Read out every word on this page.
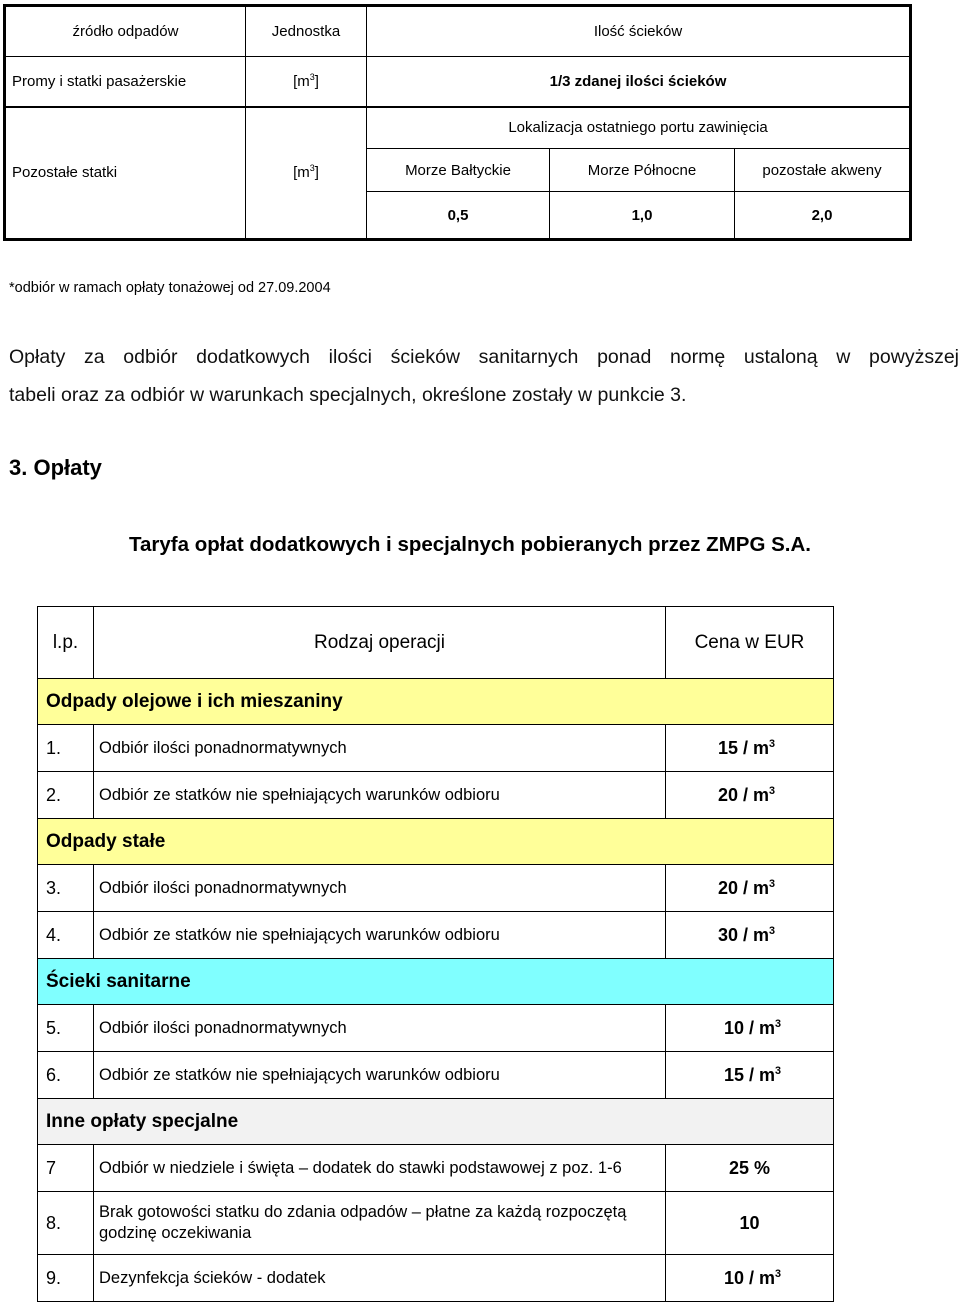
źródło odpadów	Jednostka	Ilość ścieków		
Promy i statki pasażerskie	$[m^3]$	1/3 zdanej ilości ścieków		
Pozostałe statki	$[m^3]$	Lokalizacja ostatniego portu zawinięcia		
		Morze Bałtyckie	Morze Północne	pozostałe akweny
		0,5	1,0	2,0
*odbiór w ramach opłaty tonażowej od 27.09.2004
Opłaty za odbiór dodatkowych ilości ścieków sanitarnych ponad normę ustaloną w powyższej
tabeli oraz za odbiór w warunkach specjalnych, określone zostały w punkcie 3.
3. Opłaty
Taryfa opłat dodatkowych i specjalnych pobieranych przez ZMPG S.A.
l.p.	Rodzaj operacji	Cena w EUR
Odpady olejowe i ich mieszaniny		
1.	Odbiór ilości ponadnormatywnych	$15 / m^3$
2.	Odbiór ze statków nie spełniających warunków odbioru	$20 / m^3$
Odpady stałe		
3.	Odbiór ilości ponadnormatywnych	$20 / m^3$
4.	Odbiór ze statków nie spełniających warunków odbioru	$30 / m^3$
Ścieki sanitarne		
5.	Odbiór ilości ponadnormatywnych	$10 / m^3$
6.	Odbiór ze statków nie spełniających warunków odbioru	$15 / m^3$
Inne opłaty specjalne		
7	Odbiór w niedziele i święta – dodatek do stawki podstawowej z poz. 1-6	25 %
8.	Brak gotowości statku do zdania odpadów – płatne za każdą rozpoczętą
godzinę oczekiwania	10
9.	Dezynfekcja ścieków - dodatek	$10 / m^3$
